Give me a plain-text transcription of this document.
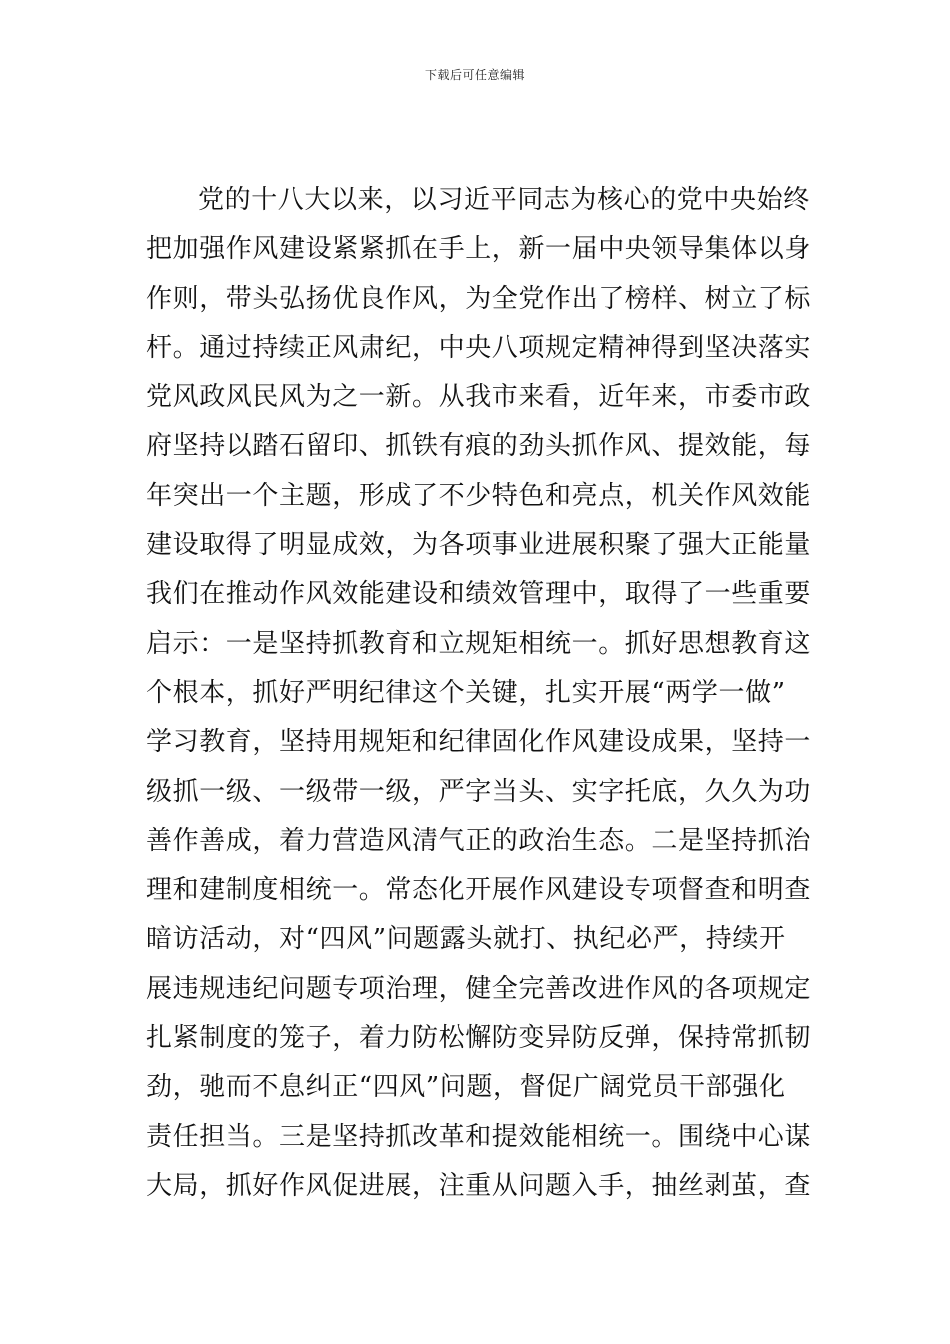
下载后可任意编辑
党的十八大以来，以习近平同志为核心的党中央始终
把加强作风建设紧紧抓在手上，新一届中央领导集体以身
作则，带头弘扬优良作风，为全党作出了榜样、树立了标
杆。通过持续正风肃纪，中央八项规定精神得到坚决落实
党风政风民风为之一新。从我市来看，近年来，市委市政
府坚持以踏石留印、抓铁有痕的劲头抓作风、提效能，每
年突出一个主题，形成了不少特色和亮点，机关作风效能
建设取得了明显成效，为各项事业进展积聚了强大正能量
我们在推动作风效能建设和绩效管理中，取得了一些重要
启示：一是坚持抓教育和立规矩相统一。抓好思想教育这
个根本，抓好严明纪律这个关键，扎实开展“两学一做”
学习教育，坚持用规矩和纪律固化作风建设成果，坚持一
级抓一级、一级带一级，严字当头、实字托底，久久为功
善作善成，着力营造风清气正的政治生态。二是坚持抓治
理和建制度相统一。常态化开展作风建设专项督查和明查
暗访活动，对“四风”问题露头就打、执纪必严，持续开
展违规违纪问题专项治理，健全完善改进作风的各项规定
扎紧制度的笼子，着力防松懈防变异防反弹，保持常抓韧
劲，驰而不息纠正“四风”问题，督促广阔党员干部强化
责任担当。三是坚持抓改革和提效能相统一。围绕中心谋
大局，抓好作风促进展，注重从问题入手，抽丝剥茧，查
